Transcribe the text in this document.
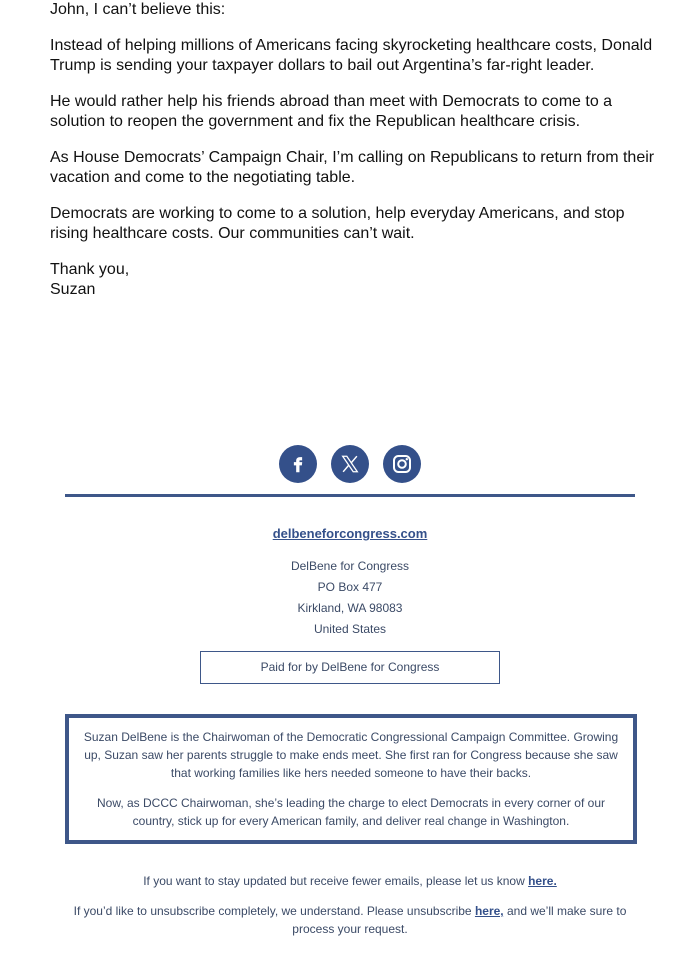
John, I can’t believe this:

Instead of helping millions of Americans facing skyrocketing healthcare costs, Donald Trump is sending your taxpayer dollars to bail out Argentina’s far-right leader.

He would rather help his friends abroad than meet with Democrats to come to a solution to reopen the government and fix the Republican healthcare crisis.

As House Democrats’ Campaign Chair, I’m calling on Republicans to return from their vacation and come to the negotiating table.

Democrats are working to come to a solution, help everyday Americans, and stop rising healthcare costs. Our communities can’t wait.

Thank you,
Suzan
delbeneforcongress.com
DelBene for Congress
PO Box 477
Kirkland, WA 98083
United States
Paid for by DelBene for Congress

Suzan DelBene is the Chairwoman of the Democratic Congressional Campaign Committee. Growing up, Suzan saw her parents struggle to make ends meet. She first ran for Congress because she saw that working families like hers needed someone to have their backs.

Now, as DCCC Chairwoman, she’s leading the charge to elect Democrats in every corner of our country, stick up for every American family, and deliver real change in Washington.

If you want to stay updated but receive fewer emails, please let us know here.
If you’d like to unsubscribe completely, we understand. Please unsubscribe here, and we’ll make sure to process your request.
